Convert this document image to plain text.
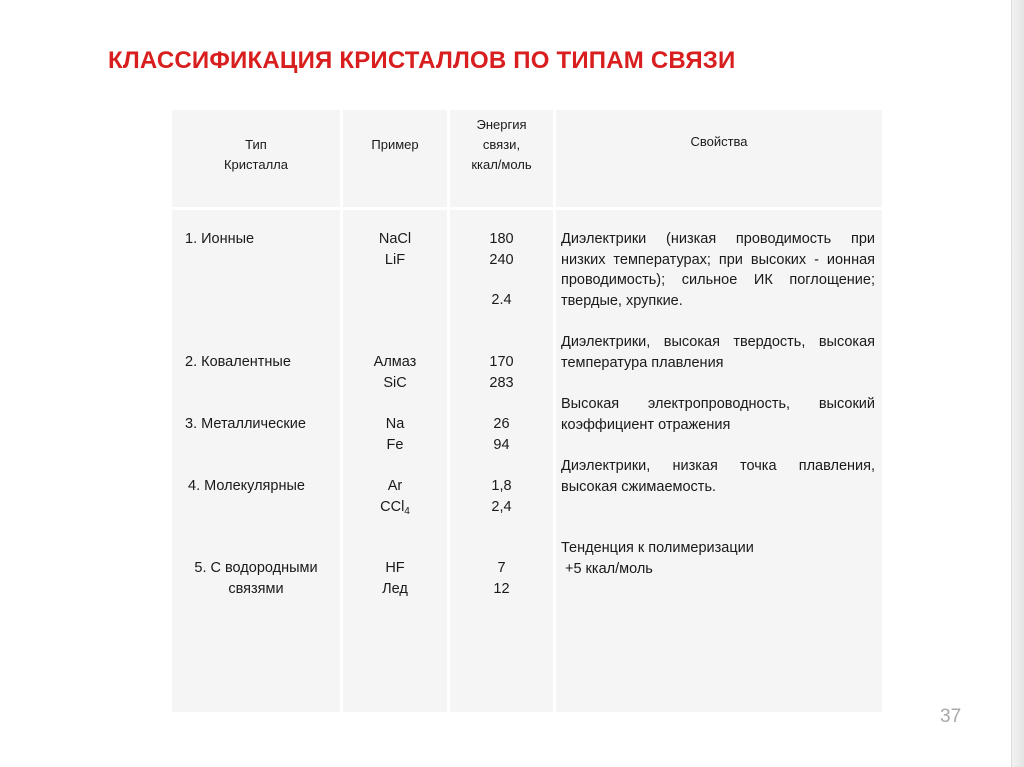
КЛАССИФИКАЦИЯ КРИСТАЛЛОВ ПО ТИПАМ СВЯЗИ
Тип
Кристалла
Пример
Энергия
связи,
ккал/моль
Свойства
1. Ионные
2. Ковалентные
3. Металлические
4. Молекулярные
5. С водородными
связями
NaCl
LiF
Алмаз
SiC
Na
Fe
Ar
CCl$_4$
HF
Лед
180
240
2.4
170
283
26
94
1,8
2,4
7
12
Диэлектрики (низкая проводимость при низких температурах; при высоких - ионная проводимость); сильное ИК поглощение; твердые, хрупкие.
Диэлектрики, высокая твердость, высокая температура плавления
Высокая электропроводность, высокий коэффициент отражения
Диэлектрики, низкая точка плавления, высокая сжимаемость.
Тенденция к полимеризации
+5 ккал/моль
37
